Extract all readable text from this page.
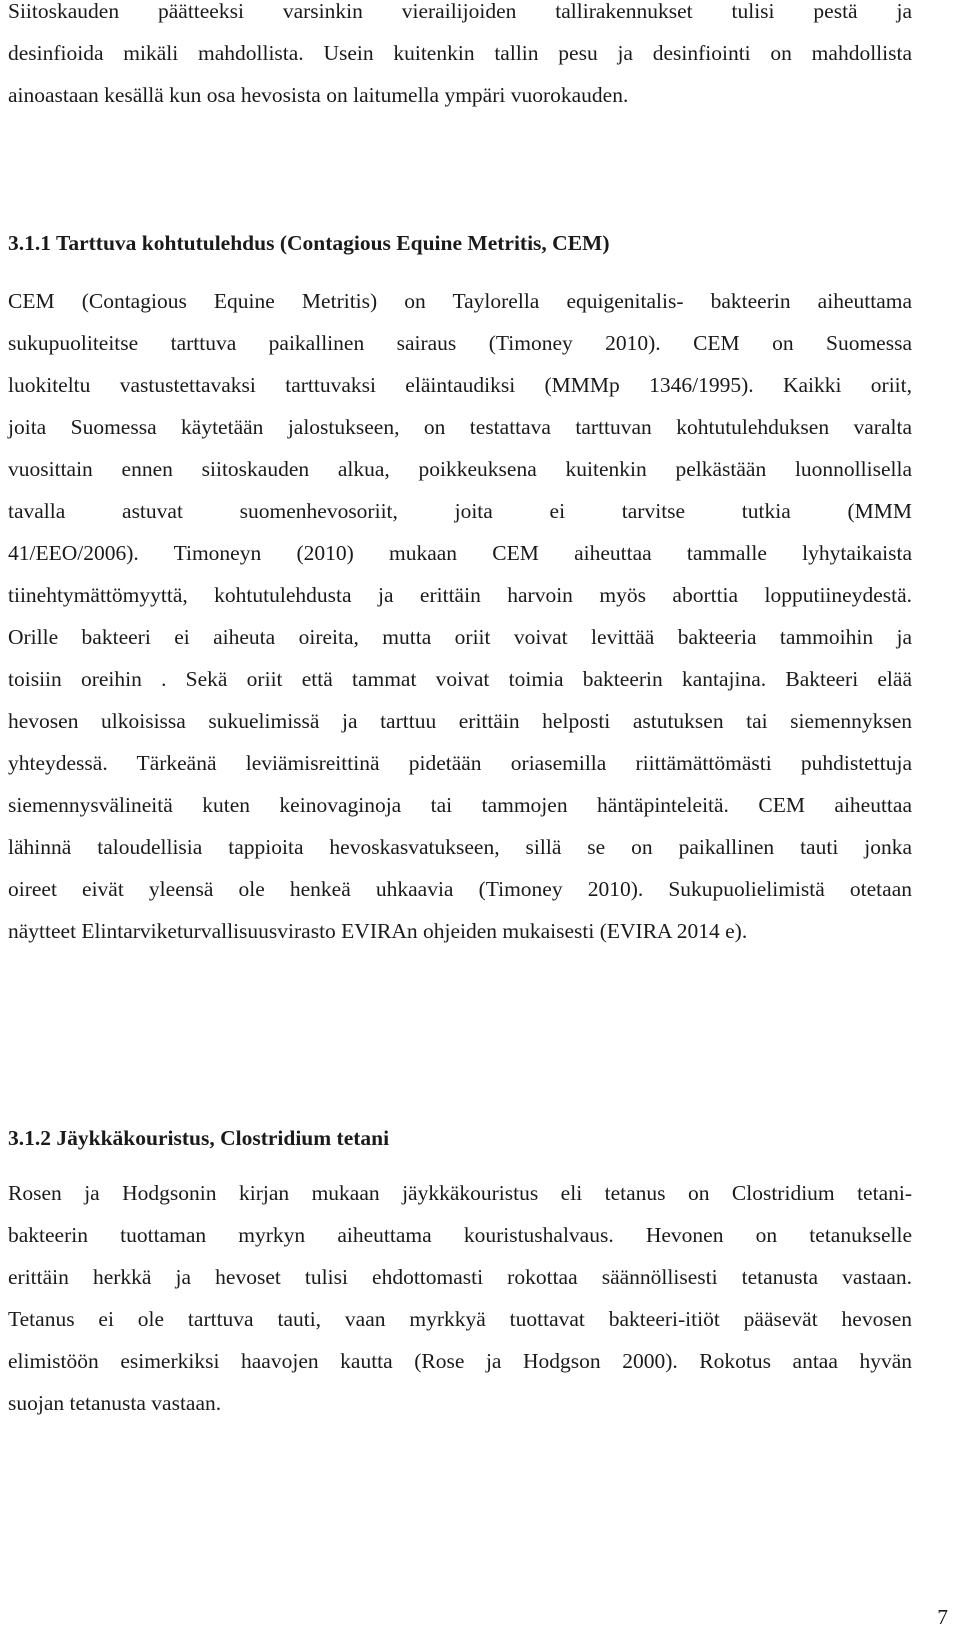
Siitoskauden päätteeksi varsinkin vierailijoiden tallirakennukset tulisi pestä ja
desinfioida mikäli mahdollista. Usein kuitenkin tallin pesu ja desinfiointi on mahdollista
ainoastaan kesällä kun osa hevosista on laitumella ympäri vuorokauden.
3.1.1 Tarttuva kohtutulehdus (Contagious Equine Metritis, CEM)
CEM (Contagious Equine Metritis) on Taylorella equigenitalis- bakteerin aiheuttama
sukupuoliteitse tarttuva paikallinen sairaus (Timoney 2010). CEM on Suomessa
luokiteltu vastustettavaksi tarttuvaksi eläintaudiksi (MMMp 1346/1995). Kaikki oriit,
joita Suomessa käytetään jalostukseen, on testattava tarttuvan kohtutulehduksen varalta
vuosittain ennen siitoskauden alkua, poikkeuksena kuitenkin pelkästään luonnollisella
tavalla astuvat suomenhevosoriit, joita ei tarvitse tutkia (MMM
41/EEO/2006). Timoneyn (2010) mukaan CEM aiheuttaa tammalle lyhytaikaista
tiinehtymättömyyttä, kohtutulehdusta ja erittäin harvoin myös aborttia lopputiineydestä.
Orille bakteeri ei aiheuta oireita, mutta oriit voivat levittää bakteeria tammoihin ja
toisiin oreihin . Sekä oriit että tammat voivat toimia bakteerin kantajina. Bakteeri elää
hevosen ulkoisissa sukuelimissä ja tarttuu erittäin helposti astutuksen tai siemennyksen
yhteydessä. Tärkeänä leviämisreittinä pidetään oriasemilla riittämättömästi puhdistettuja
siemennysvälineitä kuten keinovaginoja tai tammojen häntäpinteleitä. CEM aiheuttaa
lähinnä taloudellisia tappioita hevoskasvatukseen, sillä se on paikallinen tauti jonka
oireet eivät yleensä ole henkeä uhkaavia (Timoney 2010). Sukupuolielimistä otetaan
näytteet Elintarviketurvallisuusvirasto EVIRAn ohjeiden mukaisesti (EVIRA 2014 e).
3.1.2 Jäykkäkouristus, Clostridium tetani
Rosen ja Hodgsonin kirjan mukaan jäykkäkouristus eli tetanus on Clostridium tetani-
bakteerin tuottaman myrkyn aiheuttama kouristushalvaus. Hevonen on tetanukselle
erittäin herkkä ja hevoset tulisi ehdottomasti rokottaa säännöllisesti tetanusta vastaan.
Tetanus ei ole tarttuva tauti, vaan myrkkyä tuottavat bakteeri-itiöt pääsevät hevosen
elimistöön esimerkiksi haavojen kautta (Rose ja Hodgson 2000). Rokotus antaa hyvän
suojan tetanusta vastaan.
7
